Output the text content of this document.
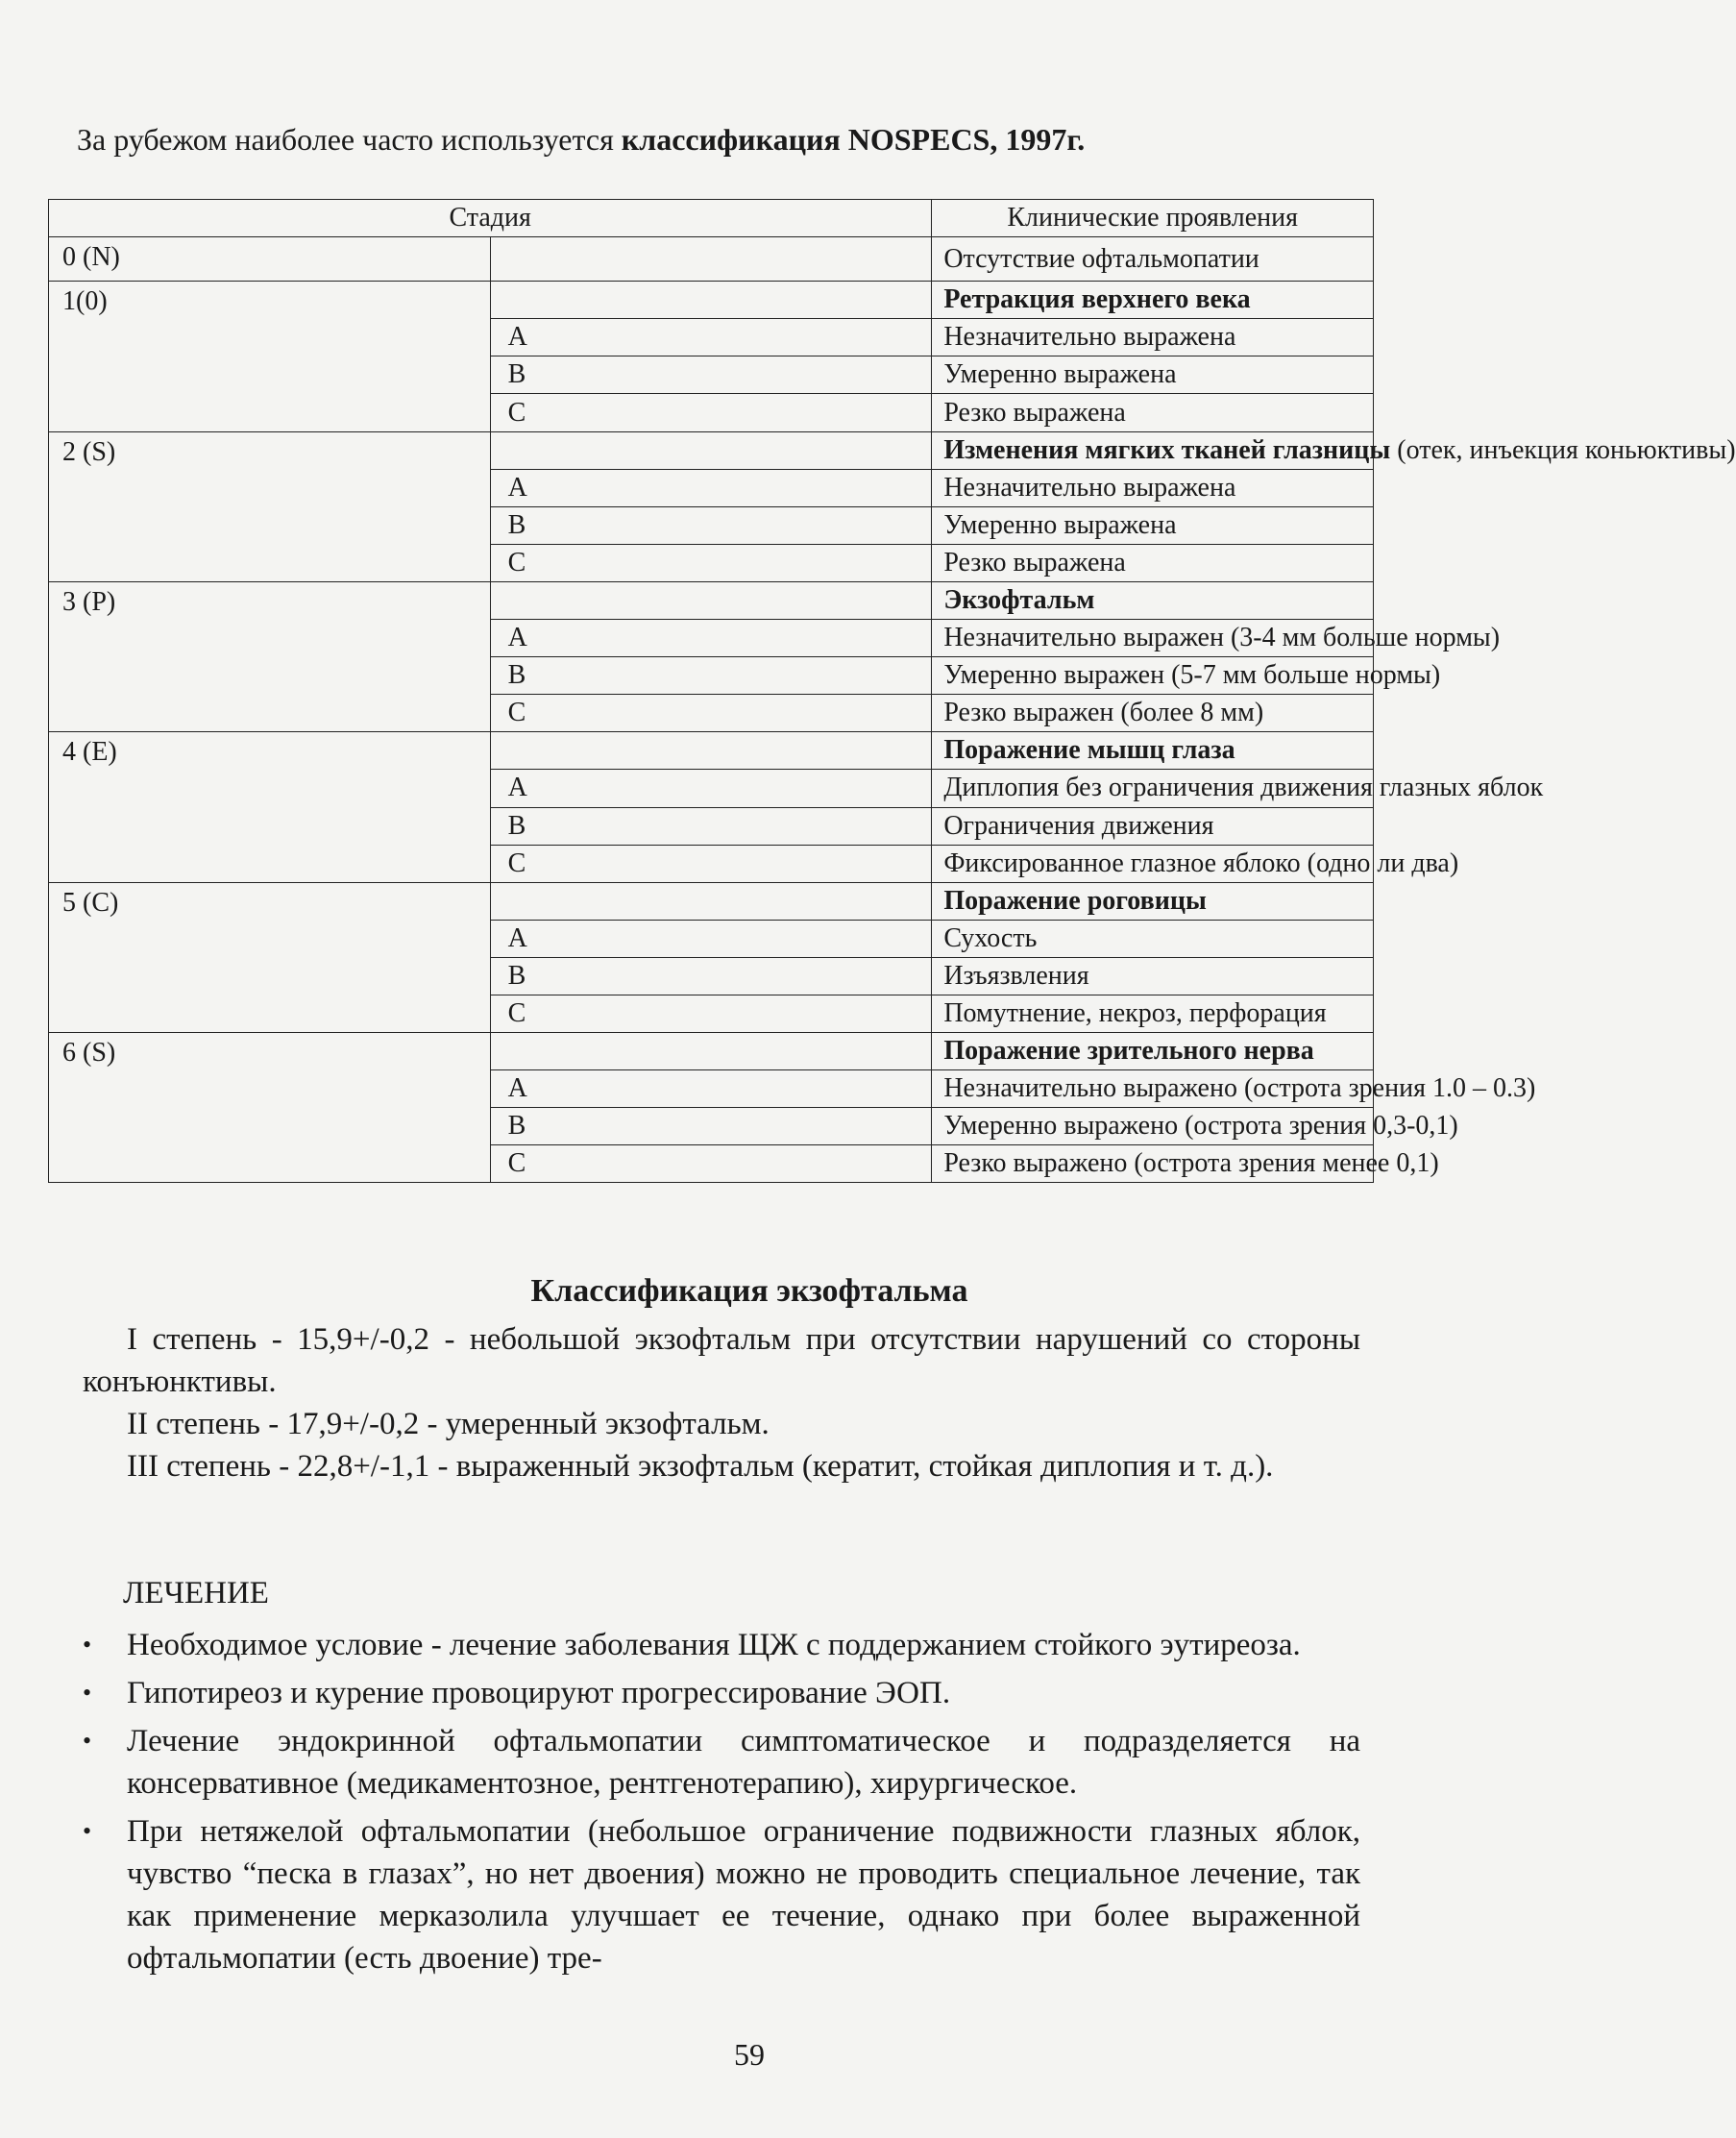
За рубежом наиболее часто используется классификация NOSPECS, 1997г.
Стадия		Клинические проявления
0 (N)		Отсутствие офтальмопатии
1(0)		Ретракция верхнего века
	A	Незначительно выражена
	B	Умеренно выражена
	C	Резко выражена
2 (S)		Изменения мягких тканей глазницы (отек, инъекция коньюктивы)
	A	Незначительно выражена
	B	Умеренно выражена
	C	Резко выражена
3 (P)		Экзофтальм
	A	Незначительно выражен (3-4 мм больше нормы)
	B	Умеренно выражен (5-7 мм больше нормы)
	C	Резко выражен (более 8 мм)
4 (E)		Поражение мышц глаза
	A	Диплопия без ограничения движения глазных яблок
	B	Ограничения движения
	C	Фиксированное глазное яблоко (одно ли два)
5 (C)		Поражение роговицы
	A	Сухость
	B	Изъязвления
	C	Помутнение, некроз, перфорация
6 (S)		Поражение зрительного нерва
	A	Незначительно выражено (острота зрения 1.0 – 0.3)
	B	Умеренно выражено (острота зрения 0,3-0,1)
	C	Резко выражено (острота зрения менее 0,1)
Классификация экзофтальма
I степень - 15,9+/-0,2 - небольшой экзофтальм при отсутствии нарушений со стороны конъюнктивы.
II степень - 17,9+/-0,2 - умеренный экзофтальм.
III степень - 22,8+/-1,1 - выраженный экзофтальм (кератит, стойкая диплопия и т. д.).
ЛЕЧЕНИЕ
• Необходимое условие - лечение заболевания ЩЖ с поддержанием стойкого эутиреоза.
• Гипотиреоз и курение провоцируют прогрессирование ЭОП.
• Лечение эндокринной офтальмопатии симптоматическое и подразделяется на консервативное (медикаментозное, рентгенотерапию), хирургическое.
• При нетяжелой офтальмопатии (небольшое ограничение подвижности глазных яблок, чувство “песка в глазах”, но нет двоения) можно не проводить специальное лечение, так как применение мерказолила улучшает ее течение, однако при более выраженной офтальмопатии (есть двоение) тре-
59
